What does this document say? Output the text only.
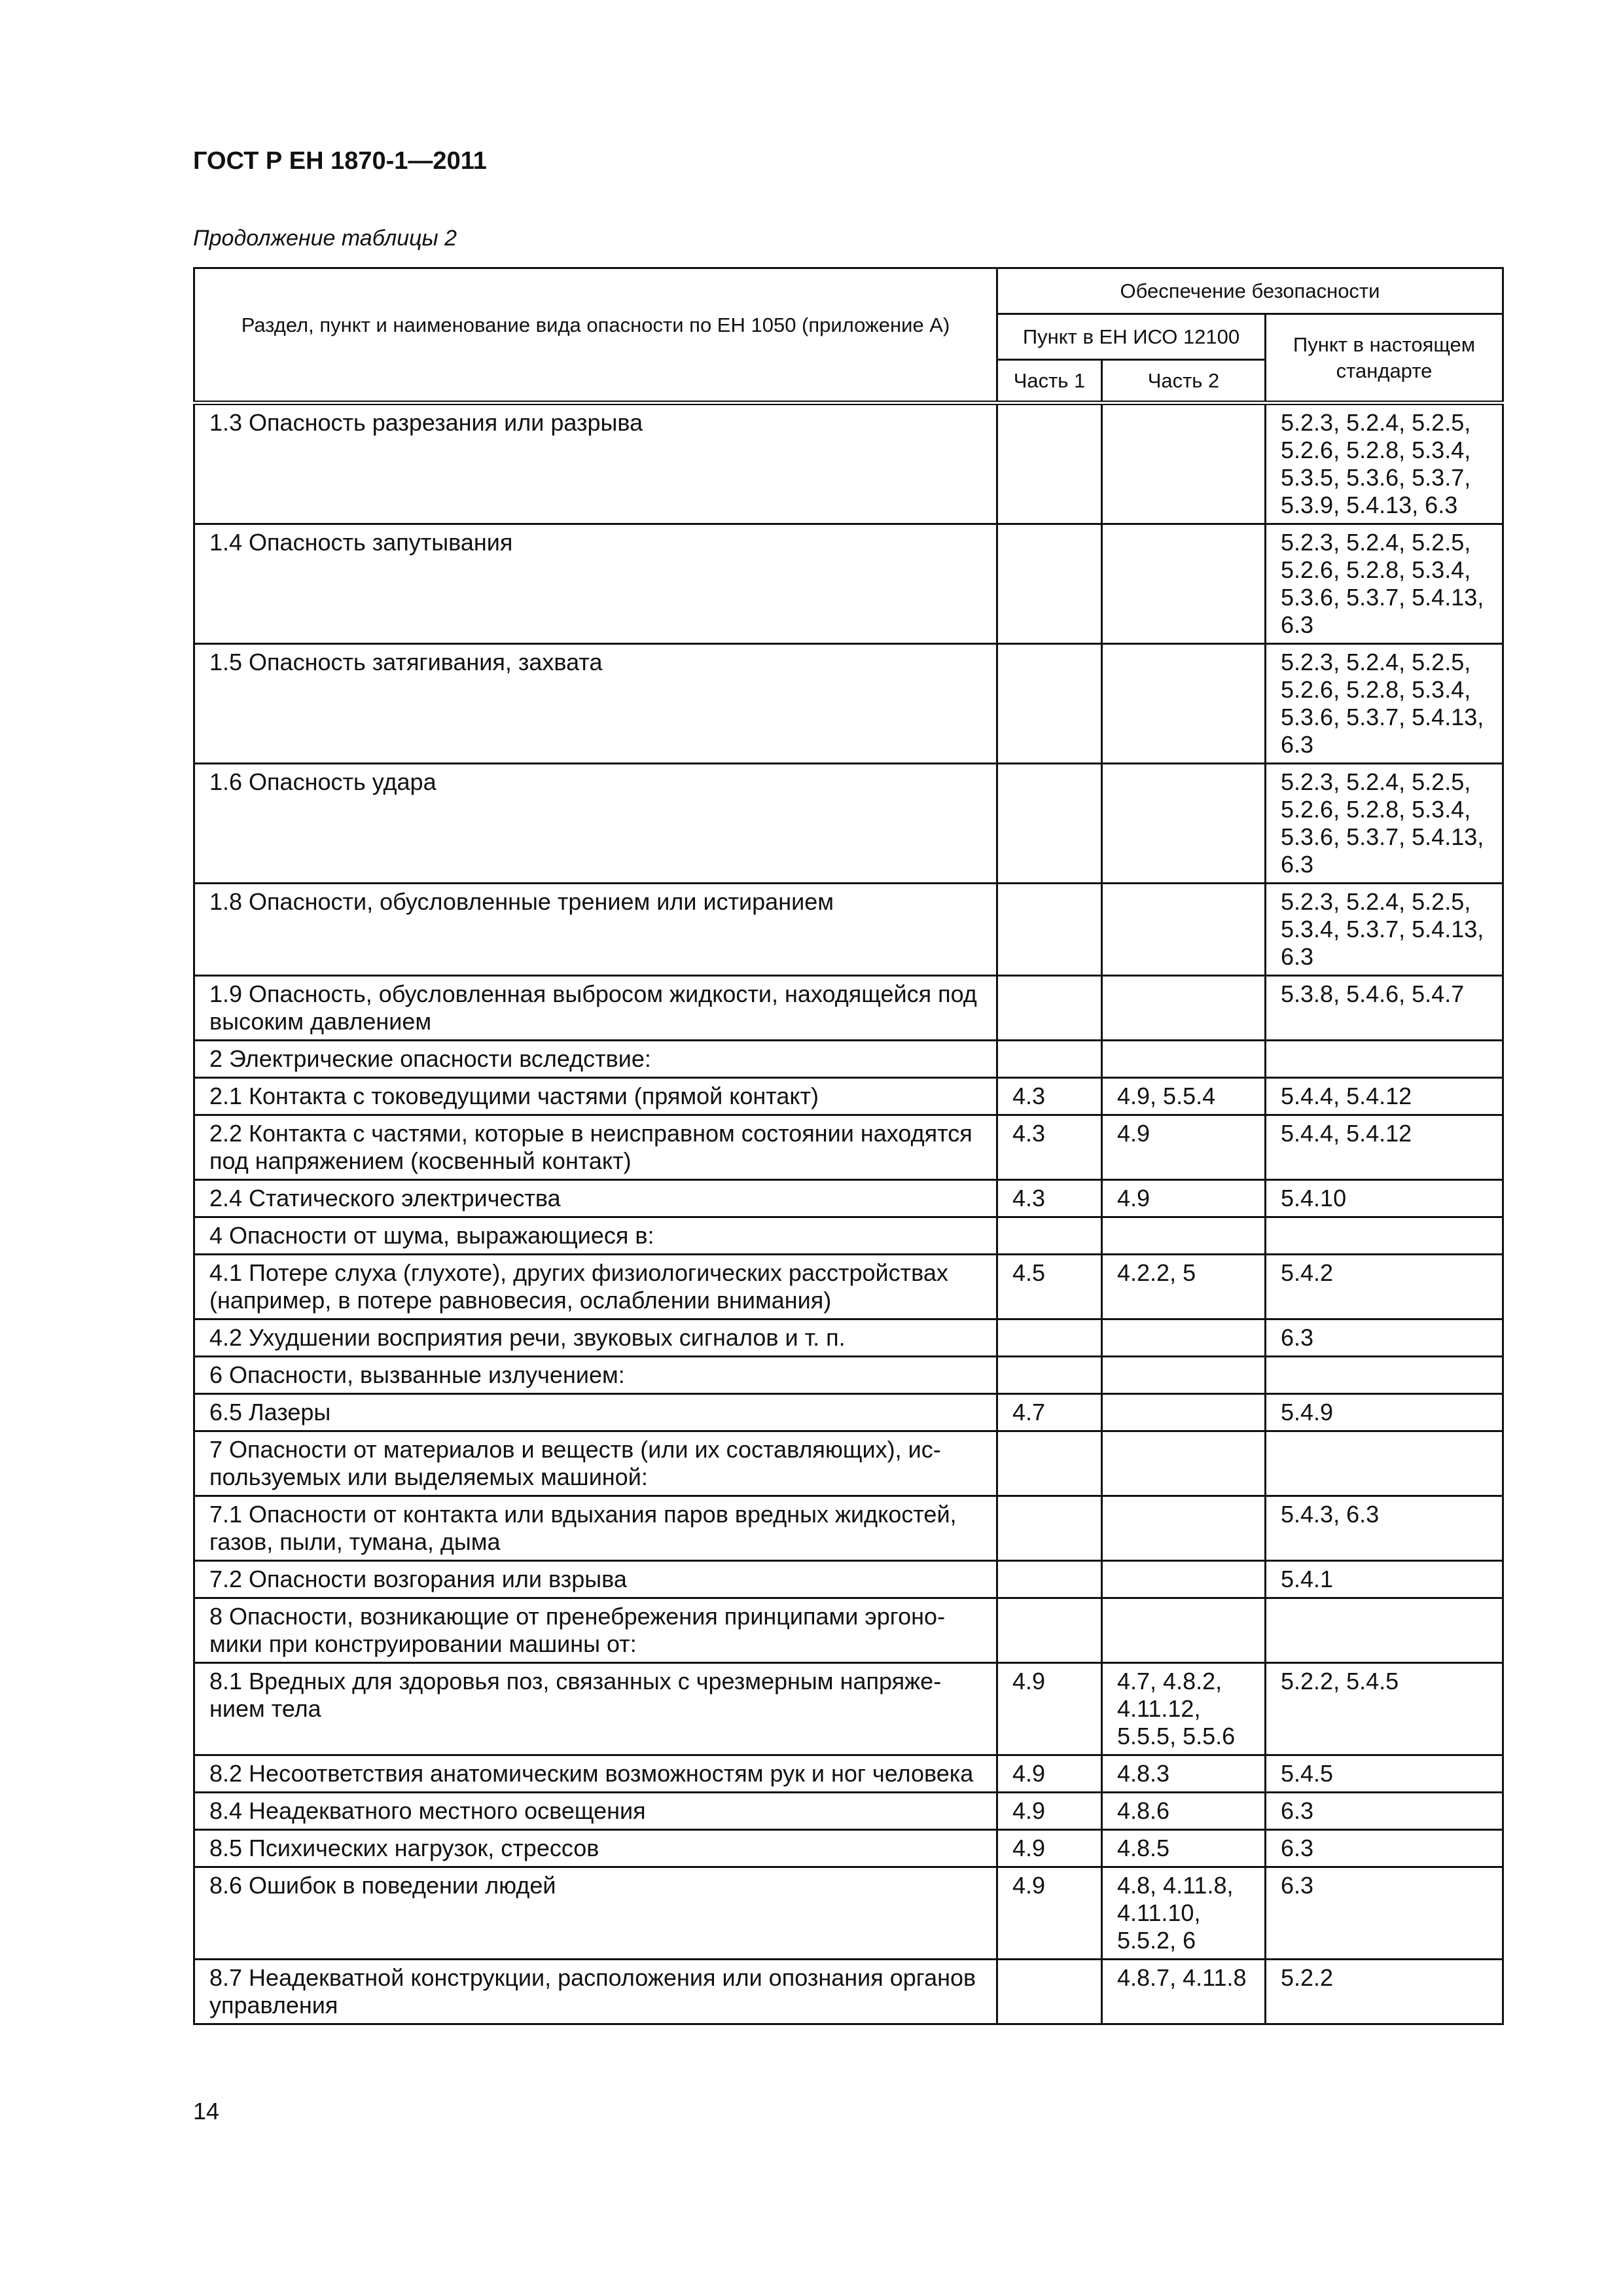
ГОСТ Р ЕН 1870-1—2011
Продолжение таблицы 2
Раздел, пункт и наименование вида опасности по ЕН 1050 (приложение А)	Обеспечение безопасности		
	Пункт в ЕН ИСО 12100		Пункт в настоящем стандарте
	Часть 1	Часть 2	
1.3 Опасность разрезания или разрыва			5.2.3, 5.2.4, 5.2.5, 5.2.6, 5.2.8, 5.3.4, 5.3.5, 5.3.6, 5.3.7, 5.3.9, 5.4.13, 6.3
1.4 Опасность запутывания			5.2.3, 5.2.4, 5.2.5, 5.2.6, 5.2.8, 5.3.4, 5.3.6, 5.3.7, 5.4.13, 6.3
1.5 Опасность затягивания, захвата			5.2.3, 5.2.4, 5.2.5, 5.2.6, 5.2.8, 5.3.4, 5.3.6, 5.3.7, 5.4.13, 6.3
1.6 Опасность удара			5.2.3, 5.2.4, 5.2.5, 5.2.6, 5.2.8, 5.3.4, 5.3.6, 5.3.7, 5.4.13, 6.3
1.8 Опасности, обусловленные трением или истиранием			5.2.3, 5.2.4, 5.2.5, 5.3.4, 5.3.7, 5.4.13, 6.3
1.9 Опасность, обусловленная выбросом жидкости, находящейся под высоким давлением			5.3.8, 5.4.6, 5.4.7
2 Электрические опасности вследствие:			
2.1 Контакта с токоведущими частями (прямой контакт)	4.3	4.9, 5.5.4	5.4.4, 5.4.12
2.2 Контакта с частями, которые в неисправном состоянии находятся под напряжением (косвенный контакт)	4.3	4.9	5.4.4, 5.4.12
2.4 Статического электричества	4.3	4.9	5.4.10
4 Опасности от шума, выражающиеся в:			
4.1 Потере слуха (глухоте), других физиологических расстройствах (например, в потере равновесия, ослаблении внимания)	4.5	4.2.2, 5	5.4.2
4.2 Ухудшении восприятия речи, звуковых сигналов и т. п.			6.3
6 Опасности, вызванные излучением:			
6.5 Лазеры	4.7		5.4.9
7 Опасности от материалов и веществ (или их составляющих), используемых или выделяемых машиной:			
7.1 Опасности от контакта или вдыхания паров вредных жидкостей, газов, пыли, тумана, дыма			5.4.3, 6.3
7.2 Опасности возгорания или взрыва			5.4.1
8 Опасности, возникающие от пренебрежения принципами эргономики при конструировании машины от:			
8.1 Вредных для здоровья поз, связанных с чрезмерным напряжением тела	4.9	4.7, 4.8.2, 4.11.12, 5.5.5, 5.5.6	5.2.2, 5.4.5
8.2 Несоответствия анатомическим возможностям рук и ног человека	4.9	4.8.3	5.4.5
8.4 Неадекватного местного освещения	4.9	4.8.6	6.3
8.5 Психических нагрузок, стрессов	4.9	4.8.5	6.3
8.6 Ошибок в поведении людей	4.9	4.8, 4.11.8, 4.11.10, 5.5.2, 6	6.3
8.7 Неадекватной конструкции, расположения или опознания органов управления		4.8.7, 4.11.8	5.2.2
14
